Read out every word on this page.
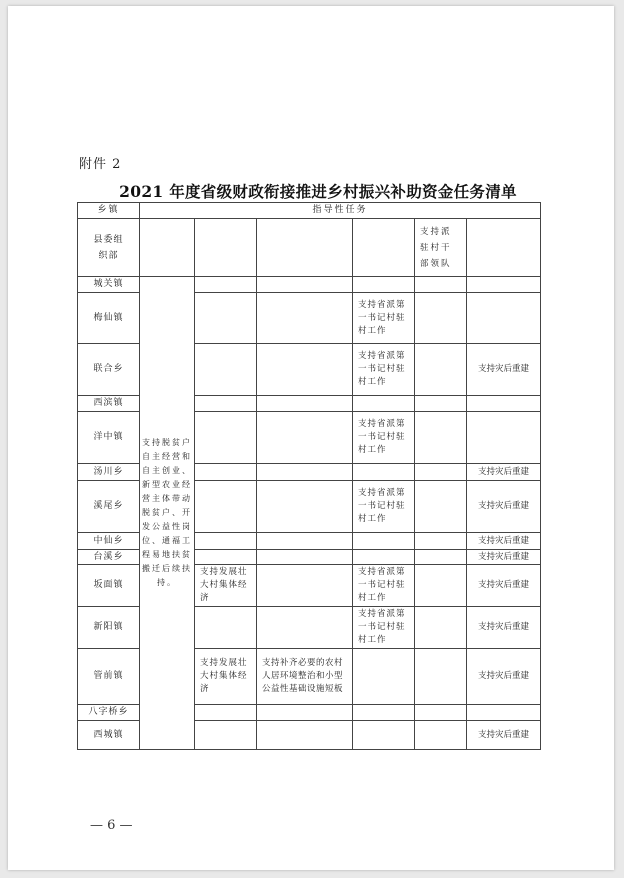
附件 2
2021 年度省级财政衔接推进乡村振兴补助资金任务清单
乡镇	指导性任务					

县委组织部					支持派驻村干部领队	

城关镇	支持脱贫户自主经营和自主创业、新型农业经营主体带动脱贫户、开发公益性岗位、通福工程易地扶贫搬迁后续扶持。					

梅仙镇				支持省派第一书记村驻村工作		

联合乡				支持省派第一书记村驻村工作		支持灾后重建
西滨镇						
洋中镇				支持省派第一书记村驻村工作		

汤川乡						支持灾后重建
溪尾乡				支持省派第一书记村驻村工作		支持灾后重建
中仙乡						支持灾后重建
台溪乡						支持灾后重建
坂面镇		支持发展壮大村集体经济		支持省派第一书记村驻村工作		支持灾后重建
新阳镇				支持省派第一书记村驻村工作		支持灾后重建
管前镇		支持发展壮大村集体经济	支持补齐必要的农村人居环境整治和小型公益性基础设施短板			支持灾后重建
八字桥乡						
西城镇						支持灾后重建
— 6 —
